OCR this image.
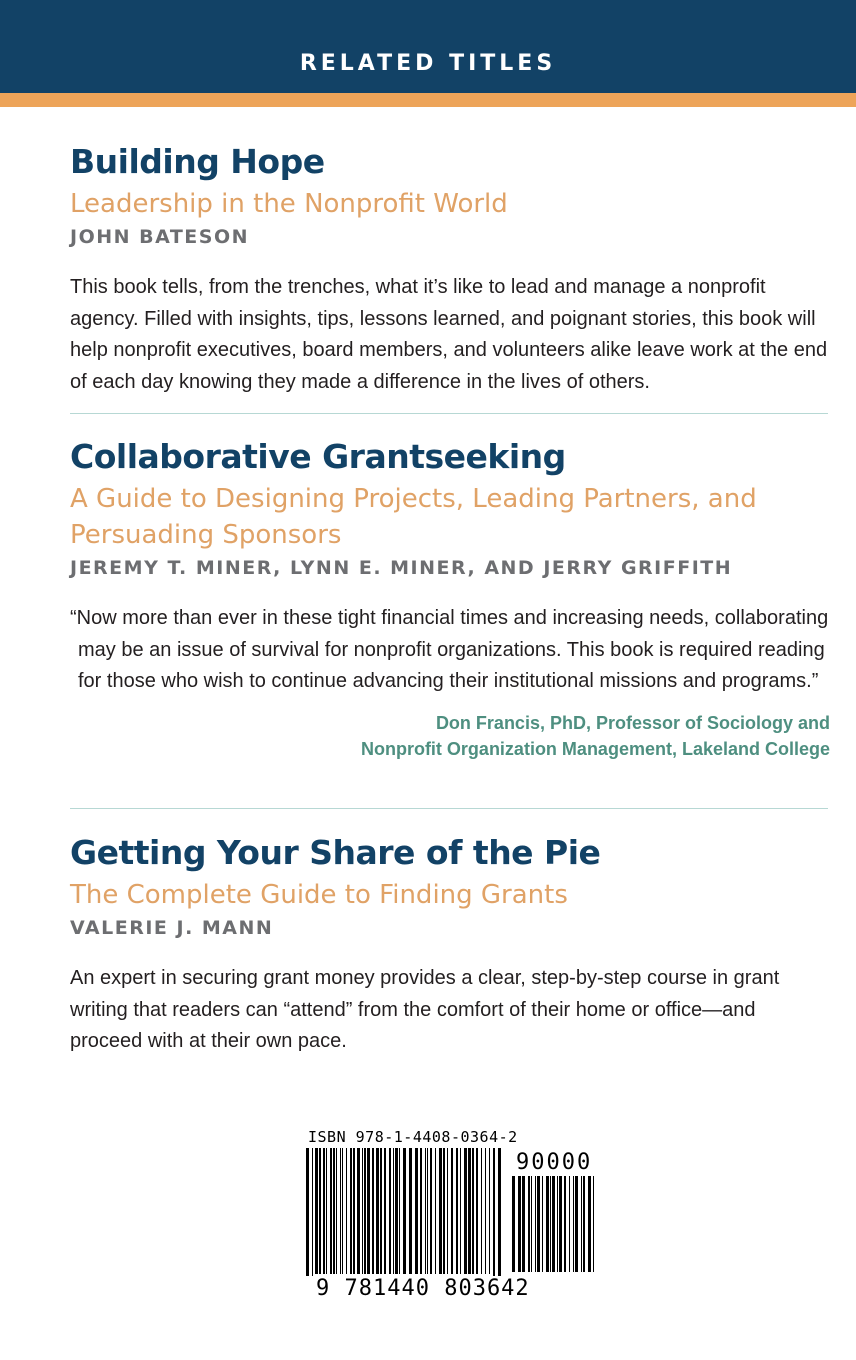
RELATED TITLES
Building Hope
Leadership in the Nonprofit World
JOHN BATESON
This book tells, from the trenches, what it’s like to lead and manage a nonprofit agency. Filled with insights, tips, lessons learned, and poignant stories, this book will help nonprofit executives, board members, and volunteers alike leave work at the end of each day knowing they made a difference in the lives of others.
Collaborative Grantseeking
A Guide to Designing Projects, Leading Partners, and Persuading Sponsors
JEREMY T. MINER, LYNN E. MINER, AND JERRY GRIFFITH
“Now more than ever in these tight financial times and increasing needs, collaborating may be an issue of survival for nonprofit organizations. This book is required reading for those who wish to continue advancing their institutional missions and programs.”
Don Francis, PhD, Professor of Sociology and
Nonprofit Organization Management, Lakeland College
Getting Your Share of the Pie
The Complete Guide to Finding Grants
VALERIE J. MANN
An expert in securing grant money provides a clear, step-by-step course in grant writing that readers can “attend” from the comfort of their home or office—and proceed with at their own pace.
ISBN 978-1-4408-0364-2
90000
9 781440 803642
